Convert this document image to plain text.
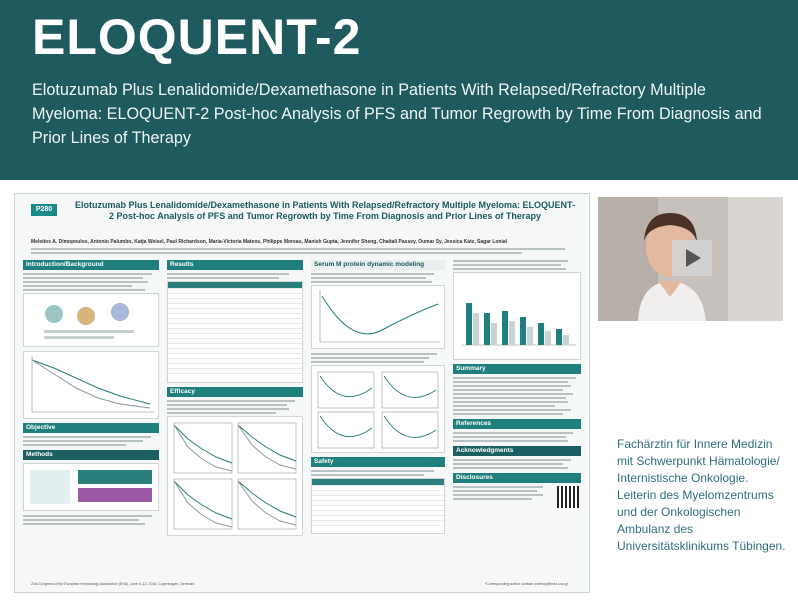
ELOQUENT-2
Elotuzumab Plus Lenalidomide/Dexamethasone in Patients With Relapsed/Refractory Multiple Myeloma: ELOQUENT-2 Post-hoc Analysis of PFS and Tumor Regrowth by Time From Diagnosis and Prior Lines of Therapy
P280	Elotuzumab Plus Lenalidomide/Dexamethasone in Patients With Relapsed/Refractory Multiple Myeloma: ELOQUENT-2 Post-hoc Analysis of PFS and Tumor Regrowth by Time From Diagnosis and Prior Lines of Therapy
Meletios A. Dimopoulos, Antonio Palumbo, Katja Weisel, Paul Richardson, Maria-Victoria Mateos, Philippe Moreau, Manish Gupta, Jennifer Sheng, Chaitali Passey, Oumar Sy, Jessica Katz, Sagar Lonial
Introduction/Background
Objective
Methods
Results
Efficacy
Serum M protein dynamic modeling
Safety
Summary
References
Acknowledgments
Disclosures
21st Congress of the European Hematology Association (EHA), June 9–12, 2016, Copenhagen, Denmark	*Corresponding author contact: mdimop@med.uoa.gr
Fachärztin für Innere Medizin mit Schwerpunkt Hämatologie/ Internistische Onkologie. Leiterin des Myelomzentrums und der Onkologischen Ambulanz des Universitätsklinikums Tübingen.
